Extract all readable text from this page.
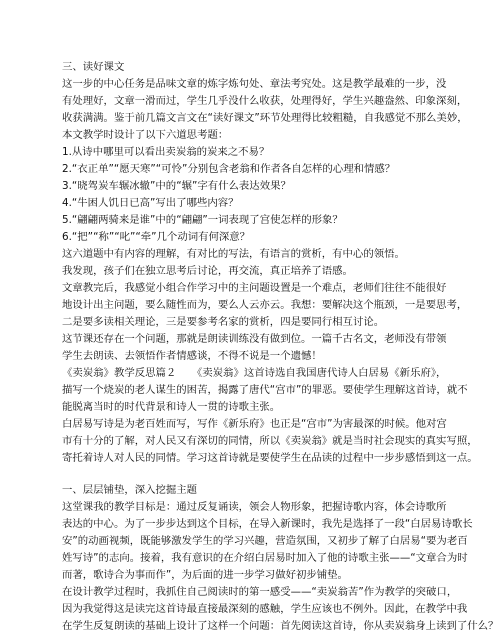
三、读好课文

这一步的中心任务是品味文章的炼字炼句处、章法考究处。这是教学最难的一步，没

有处理好，文章一滑而过，学生几乎没什么收获，处理得好，学生兴趣盎然、印象深刻，

收获满满。鉴于前几篇文言文在“读好课文”环节处理得比较粗糙，自我感觉不那么美妙，

本文教学时设计了以下六道思考题：

1.从诗中哪里可以看出卖炭翁的炭来之不易？

2.“衣正单”“愿天寒”“可怜”分别包含老翁和作者各自怎样的心理和情感？

3.“晓驾炭车辗冰辙”中的“辗”字有什么表达效果？

4.“牛困人饥日已高”写出了哪些内容？

5.“翩翩两骑来是谁”中的“翩翩”一词表现了宫使怎样的形象？

6.“把”“称”“叱”“牵”几个动词有何深意？

这六道题中有内容的理解，有对比的写法，有语言的赏析，有中心的领悟。

我发现，孩子们在独立思考后讨论，再交流，真正培养了语感。

文章教完后，我感觉小组合作学习中的主问题设置是一个难点，老师们往往不能很好

地设计出主问题，要么随性而为，要么人云亦云。我想：要解决这个瓶颈，一是要思考，

二是要多读相关理论，三是要参考名家的赏析，四是要同行相互讨论。

这节课还存在一个问题，那就是朗读训练没有做到位。一篇千古名文，老师没有带领

学生去朗读、去领悟作者情感谈，不得不说是一个遗憾！

《卖炭翁》教学反思篇２　　《卖炭翁》这首诗选自我国唐代诗人白居易《新乐府》，

描写一个烧炭的老人谋生的困苦，揭露了唐代“宫市”的罪恶。要使学生理解这首诗，就不

能脱离当时的时代背景和诗人一贯的诗歌主张。

白居易写诗是为老百姓而写，写作《新乐府》也正是“宫市”为害最深的时候。他对宫

市有十分的了解，对人民又有深切的同情，所以《卖炭翁》就是当时社会现实的真实写照，

寄托着诗人对人民的同情。学习这首诗就是要使学生在品读的过程中一步步感悟到这一点。

一、层层铺垫，深入挖掘主题

这堂课我的教学目标是：通过反复诵读，领会人物形象，把握诗歌内容，体会诗歌所

表达的中心。为了一步步达到这个目标，在导入新课时，我先是选择了一段“白居易诗歌长

安”的动画视频，既能够激发学生的学习兴趣，营造氛围，又初步了解了白居易“要为老百

姓写诗”的志向。接着，我有意识的在介绍白居易时加入了他的诗歌主张——“文章合为时

而著，歌诗合为事而作”，为后面的进一步学习做好初步铺垫。

在设计教学过程时，我抓住自己阅读时的第一感受——“卖炭翁苦”作为教学的突破口，

因为我觉得这是读完这首诗最直接最深刻的感触，学生应该也不例外。因此，在教学中我

在学生反复朗读的基础上设计了这样一个问题：首先阅读这首诗，你从卖炭翁身上读到了什么？
